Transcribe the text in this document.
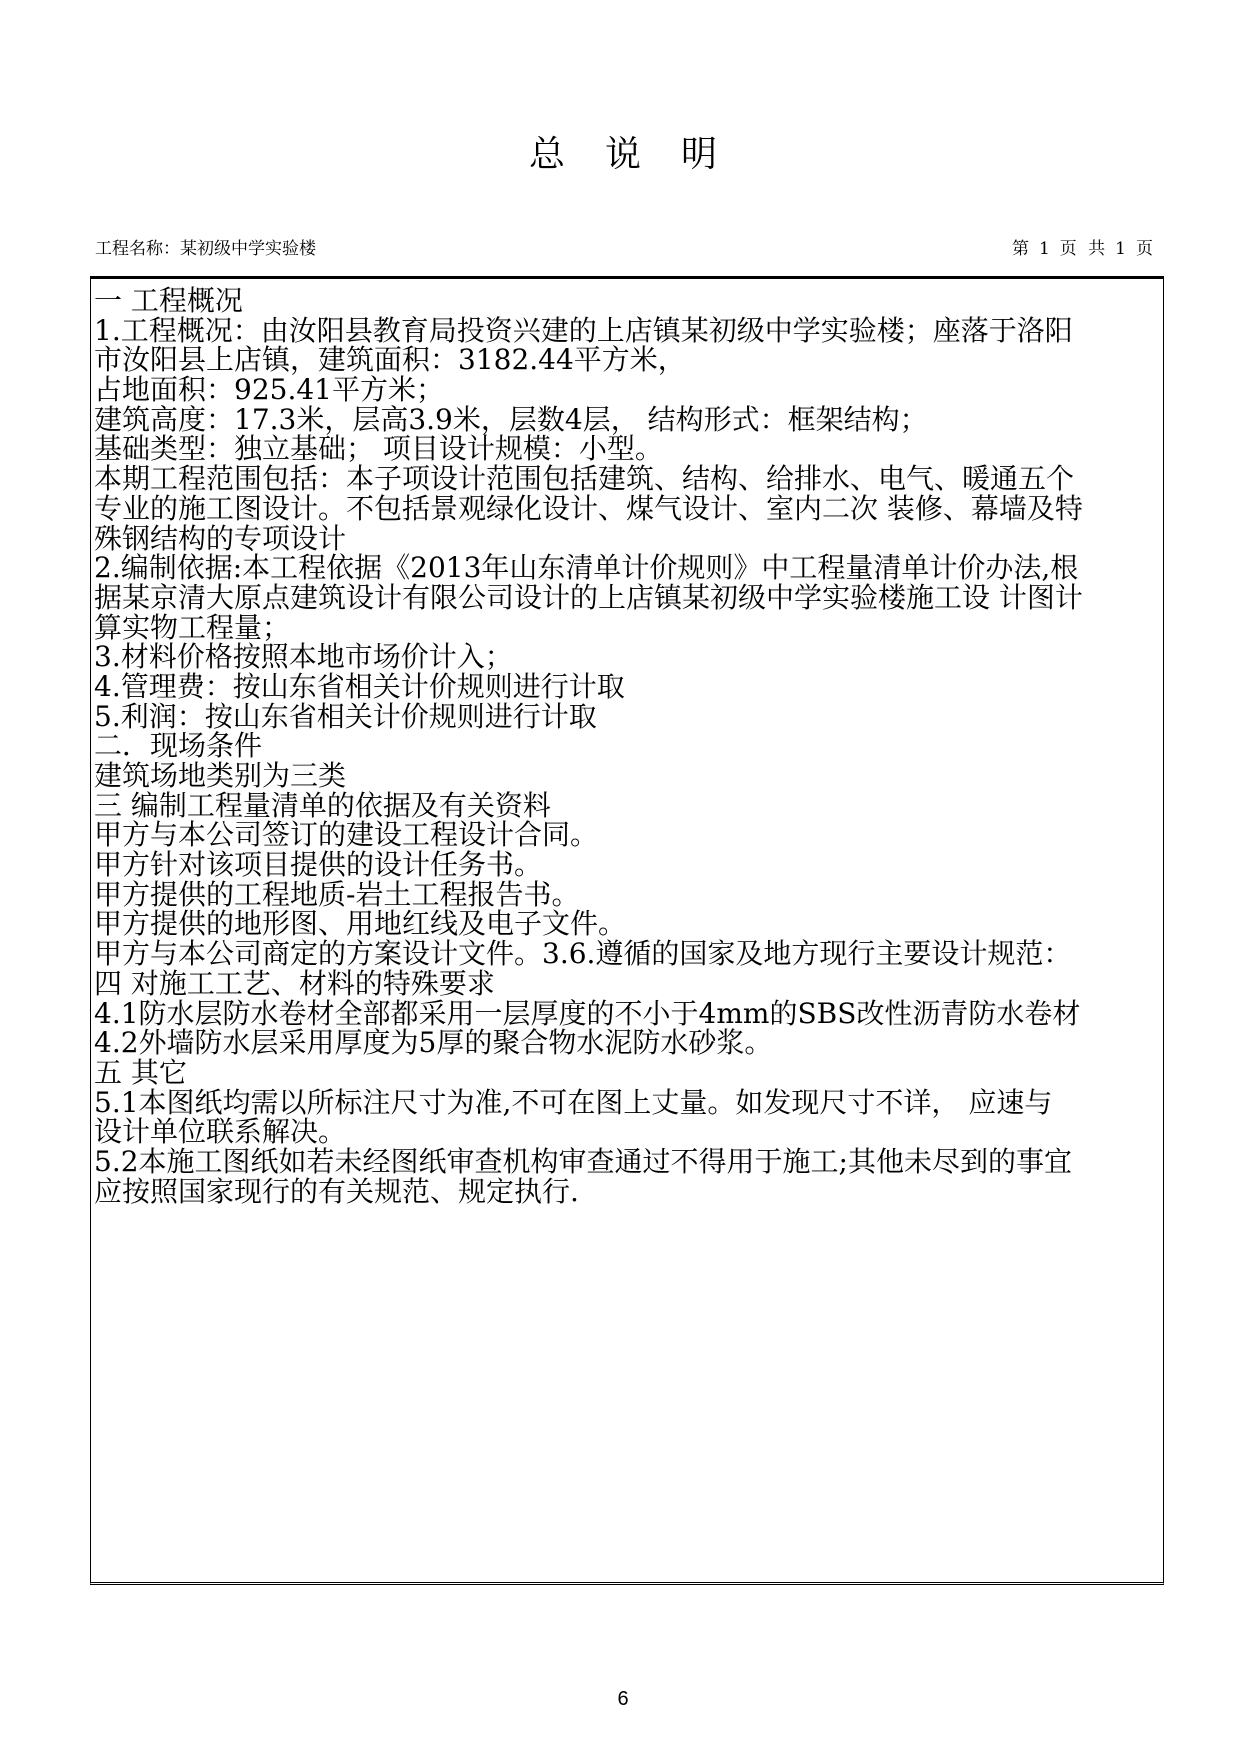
总说明
工程名称：某初级中学实验楼	第 1 页 共 1 页
一 工程概况
1.工程概况：由汝阳县教育局投资兴建的上店镇某初级中学实验楼；座落于洛阳
市汝阳县上店镇，建筑面积：3182.44平方米，
占地面积：925.41平方米；
建筑高度：17.3米，层高3.9米，层数4层， 结构形式：框架结构；
基础类型：独立基础； 项目设计规模：小型。
本期工程范围包括：本子项设计范围包括建筑、结构、给排水、电气、暖通五个
专业的施工图设计。不包括景观绿化设计、煤气设计、室内二次 装修、幕墙及特
殊钢结构的专项设计
2.编制依据:本工程依据《2013年山东清单计价规则》中工程量清单计价办法,根
据某京清大原点建筑设计有限公司设计的上店镇某初级中学实验楼施工设 计图计
算实物工程量；
3.材料价格按照本地市场价计入；
4.管理费：按山东省相关计价规则进行计取
5.利润：按山东省相关计价规则进行计取
二．现场条件
建筑场地类别为三类
三 编制工程量清单的依据及有关资料
甲方与本公司签订的建设工程设计合同。
甲方针对该项目提供的设计任务书。
甲方提供的工程地质-岩土工程报告书。
甲方提供的地形图、用地红线及电子文件。
甲方与本公司商定的方案设计文件。3.6.遵循的国家及地方现行主要设计规范：
四 对施工工艺、材料的特殊要求
4.1防水层防水卷材全部都采用一层厚度的不小于4mm的SBS改性沥青防水卷材
4.2外墙防水层采用厚度为5厚的聚合物水泥防水砂浆。
五 其它
5.1本图纸均需以所标注尺寸为准,不可在图上丈量。如发现尺寸不详， 应速与
设计单位联系解决。
5.2本施工图纸如若未经图纸审查机构审查通过不得用于施工;其他未尽到的事宜
应按照国家现行的有关规范、规定执行.
6
